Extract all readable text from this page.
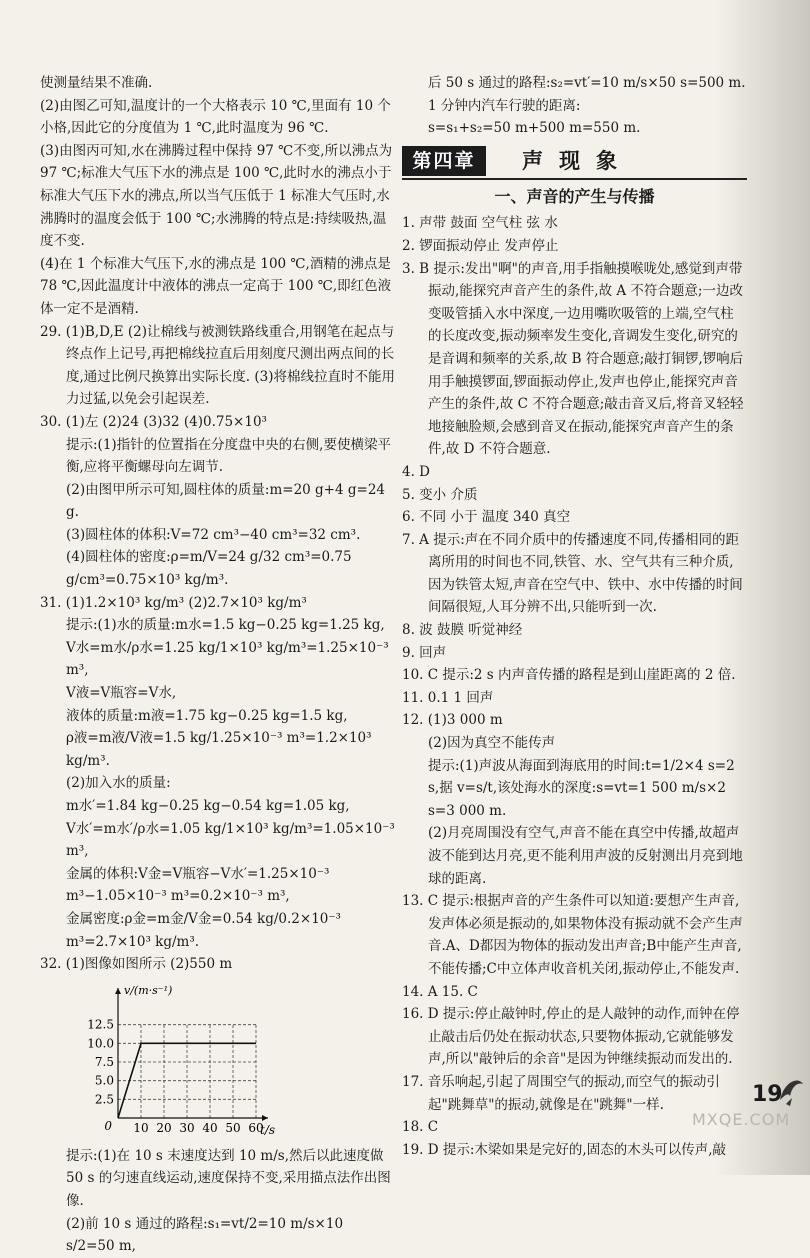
使测量结果不准确.

(2)由图乙可知,温度计的一个大格表示 10 ℃,里面有 10 个小格,因此它的分度值为 1 ℃,此时温度为 96 ℃.

(3)由图丙可知,水在沸腾过程中保持 97 ℃不变,所以沸点为 97 ℃;标准大气压下水的沸点是 100 ℃,此时水的沸点小于标准大气压下水的沸点,所以当气压低于 1 标准大气压时,水沸腾时的温度会低于 100 ℃;水沸腾的特点是:持续吸热,温度不变.

(4)在 1 个标准大气压下,水的沸点是 100 ℃,酒精的沸点是 78 ℃,因此温度计中液体的沸点一定高于 100 ℃,即红色液体一定不是酒精.

29. (1)B,D,E (2)让棉线与被测铁路线重合,用钢笔在起点与终点作上记号,再把棉线拉直后用刻度尺测出两点间的长度,通过比例尺换算出实际长度. (3)将棉线拉直时不能用力过猛,以免会引起误差.

30. (1)左 (2)24 (3)32 (4)0.75×10³

提示:(1)指针的位置指在分度盘中央的右侧,要使横梁平衡,应将平衡螺母向左调节.

(2)由图甲所示可知,圆柱体的质量:m=20 g+4 g=24 g.

(3)圆柱体的体积:V=72 cm³−40 cm³=32 cm³.

(4)圆柱体的密度:ρ=m/V=24 g/32 cm³=0.75 g/cm³=0.75×10³ kg/m³.

31. (1)1.2×10³ kg/m³ (2)2.7×10³ kg/m³

提示:(1)水的质量:m水=1.5 kg−0.25 kg=1.25 kg,

V水=m水/ρ水=1.25 kg/1×10³ kg/m³=1.25×10⁻³ m³,

V液=V瓶容=V水,

液体的质量:m液=1.75 kg−0.25 kg=1.5 kg,

ρ液=m液/V液=1.5 kg/1.25×10⁻³ m³=1.2×10³ kg/m³.

(2)加入水的质量:

m水′=1.84 kg−0.25 kg−0.54 kg=1.05 kg,

V水′=m水′/ρ水=1.05 kg/1×10³ kg/m³=1.05×10⁻³ m³,

金属的体积:V金=V瓶容−V水′=1.25×10⁻³ m³−1.05×10⁻³ m³=0.2×10⁻³ m³,

金属密度:ρ金=m金/V金=0.54 kg/0.2×10⁻³ m³=2.7×10³ kg/m³.

32. (1)图像如图所示 (2)550 m

10 20 30 40 50 60
2.5
5.0
7.5
10.0
12.5
0
v/(m·s⁻¹)
t/s

提示:(1)在 10 s 末速度达到 10 m/s,然后以此速度做 50 s 的匀速直线运动,速度保持不变,采用描点法作出图像.

(2)前 10 s 通过的路程:s₁=vt/2=10 m/s×10 s/2=50 m,

后 50 s 通过的路程:s₂=vt′=10 m/s×50 s=500 m.

1 分钟内汽车行驶的距离:

s=s₁+s₂=50 m+500 m=550 m.

第四章	声现象
一、声音的产生与传播

1. 声带 鼓面 空气柱 弦 水

2. 锣面振动停止 发声停止

3. B 提示:发出"啊"的声音,用手指触摸喉咙处,感觉到声带振动,能探究声音产生的条件,故 A 不符合题意;一边改变吸管插入水中深度,一边用嘴吹吸管的上端,空气柱的长度改变,振动频率发生变化,音调发生变化,研究的是音调和频率的关系,故 B 符合题意;敲打铜锣,锣响后用手触摸锣面,锣面振动停止,发声也停止,能探究声音产生的条件,故 C 不符合题意;敲击音叉后,将音叉轻轻地接触脸颊,会感到音叉在振动,能探究声音产生的条件,故 D 不符合题意.

4. D

5. 变小 介质

6. 不同 小于 温度 340 真空

7. A 提示:声在不同介质中的传播速度不同,传播相同的距离所用的时间也不同,铁管、水、空气共有三种介质,因为铁管太短,声音在空气中、铁中、水中传播的时间间隔很短,人耳分辨不出,只能听到一次.

8. 波 鼓膜 听觉神经

9. 回声

10. C 提示:2 s 内声音传播的路程是到山崖距离的 2 倍.

11. 0.1 1 回声

12. (1)3 000 m

(2)因为真空不能传声

提示:(1)声波从海面到海底用的时间:t=1/2×4 s=2 s,据 v=s/t,该处海水的深度:s=vt=1 500 m/s×2 s=3 000 m.

(2)月亮周围没有空气,声音不能在真空中传播,故超声波不能到达月亮,更不能利用声波的反射测出月亮到地球的距离.

13. C 提示:根据声音的产生条件可以知道:要想产生声音,发声体必须是振动的,如果物体没有振动就不会产生声音.A、D都因为物体的振动发出声音;B中能产生声音,不能传播;C中立体声收音机关闭,振动停止,不能发声.

14. A 15. C

16. D 提示:停止敲钟时,停止的是人敲钟的动作,而钟在停止敲击后仍处在振动状态,只要物体振动,它就能够发声,所以"敲钟后的余音"是因为钟继续振动而发出的.

17. 音乐响起,引起了周围空气的振动,而空气的振动引起"跳舞草"的振动,就像是在"跳舞"一样.

18. C

19. D 提示:木梁如果是完好的,固态的木头可以传声,敲

19
MXQE.COM
